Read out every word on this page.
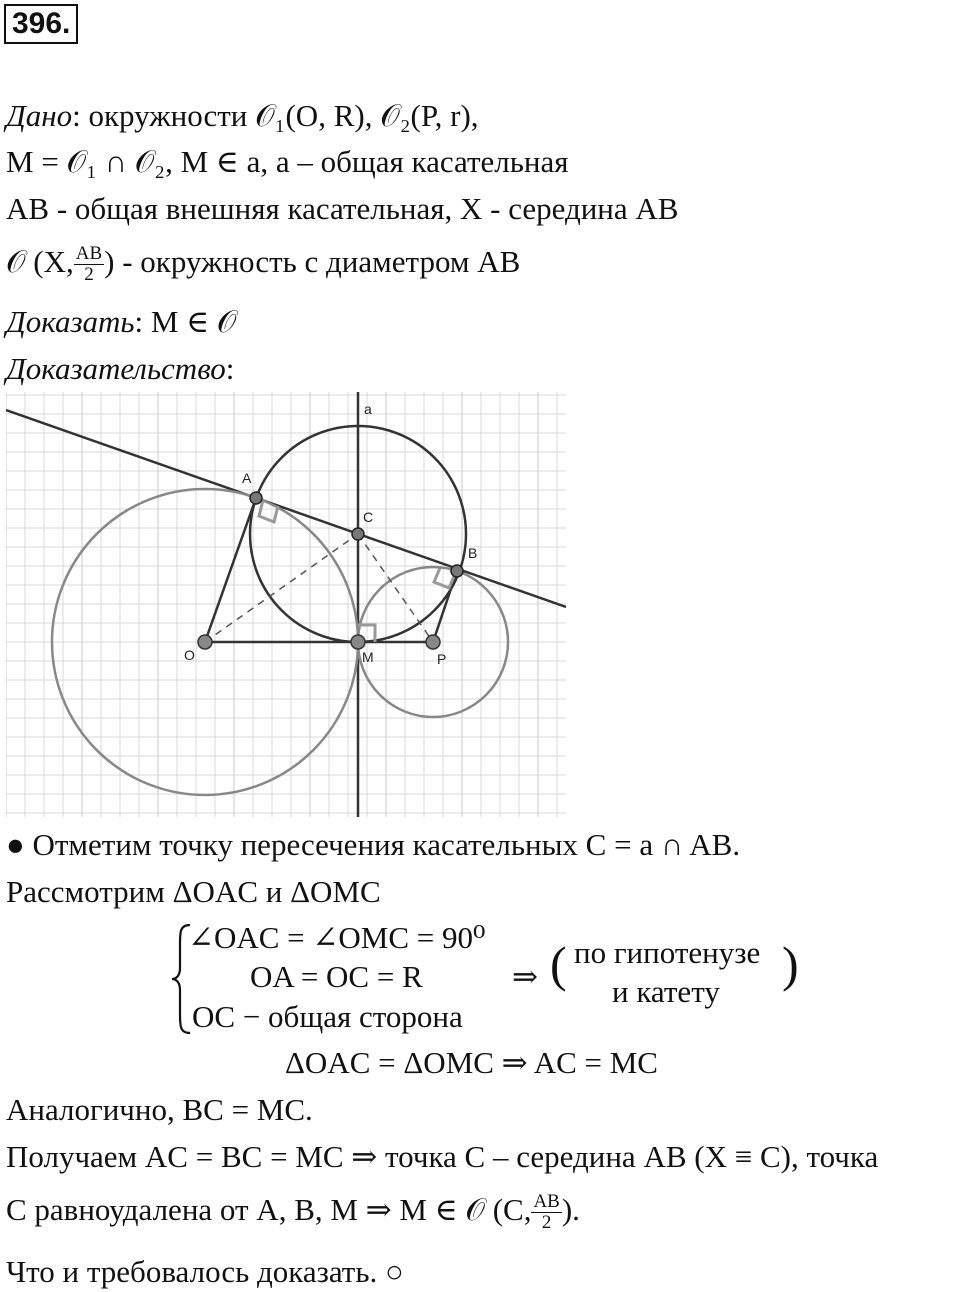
396.
Дано: окружности 𝒪₁(O, R), 𝒪₂(P, r),
M = 𝒪₁ ∩ 𝒪₂, M ∈ a, a – общая касательная
AB - общая внешняя касательная, X - середина AB
𝒪 (X, $\frac{AB}{2}$ ) - окружность с диаметром AB
Доказать: M ∈ 𝒪
Доказательство:
a
A
B
C
O	M	P
● Отметим точку пересечения касательных C = a ∩ AB.
Рассмотрим ΔOAC и ΔOMC
∠OAC = ∠OMC = 90⁰
OA = OC = R
OC − общая сторона
⇒ ( по гипотенузе
и катету )
ΔOAC = ΔOMC ⇒ AC = MC
Аналогично, BC = MC.
Получаем AC = BC = MC ⇒ точка C – середина AB (X ≡ C), точка
C равноудалена от A, B, M ⇒ M ∈ 𝒪 (C, $\frac{AB}{2}$ ).
Что и требовалось доказать. ○
